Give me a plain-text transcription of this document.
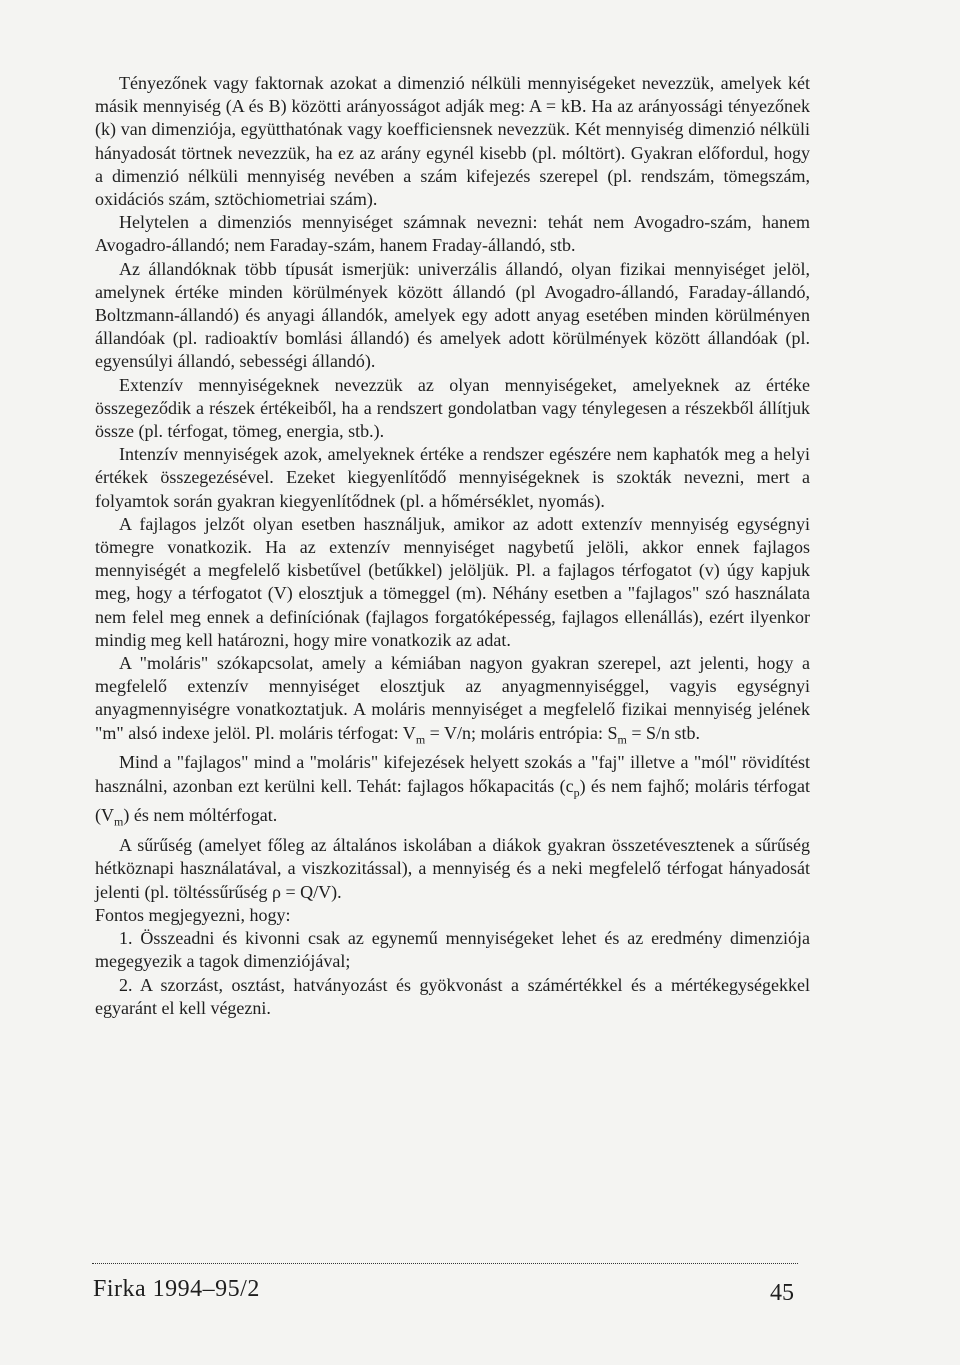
Tényezőnek vagy faktornak azokat a dimenzió nélküli mennyiségeket nevezzük, amelyek két másik mennyiség (A és B) közötti arányosságot adják meg: A = kB. Ha az arányossági tényezőnek (k) van dimenziója, együtthatónak vagy koefficiensnek nevezzük. Két mennyiség dimenzió nélküli hányadosát törtnek nevezzük, ha ez az arány egynél kisebb (pl. móltört). Gyakran előfordul, hogy a dimenzió nélküli mennyiség nevében a szám kifejezés szerepel (pl. rendszám, tömegszám, oxidációs szám, sztöchiometriai szám).

Helytelen a dimenziós mennyiséget számnak nevezni: tehát nem Avogadro-szám, hanem Avogadro-állandó; nem Faraday-szám, hanem Fraday-állandó, stb.

Az állandóknak több típusát ismerjük: univerzális állandó, olyan fizikai mennyiséget jelöl, amelynek értéke minden körülmények között állandó (pl Avogadro-állandó, Faraday-állandó, Boltzmann-állandó) és anyagi állandók, amelyek egy adott anyag esetében minden körülményen állandóak (pl. radioaktív bomlási állandó) és amelyek adott körülmények között állandóak (pl. egyensúlyi állandó, sebességi állandó).

Extenzív mennyiségeknek nevezzük az olyan mennyiségeket, amelyeknek az értéke összegeződik a részek értékeiből, ha a rendszert gondolatban vagy ténylegesen a részekből állítjuk össze (pl. térfogat, tömeg, energia, stb.).

Intenzív mennyiségek azok, amelyeknek értéke a rendszer egészére nem kaphatók meg a helyi értékek összegezésével. Ezeket kiegyenlítődő mennyiségeknek is szokták nevezni, mert a folyamtok során gyakran kiegyenlítődnek (pl. a hőmérséklet, nyomás).

A fajlagos jelzőt olyan esetben használjuk, amikor az adott extenzív mennyiség egységnyi tömegre vonatkozik. Ha az extenzív mennyiséget nagybetű jelöli, akkor ennek fajlagos mennyiségét a megfelelő kisbetűvel (betűkkel) jelöljük. Pl. a fajlagos térfogatot (v) úgy kapjuk meg, hogy a térfogatot (V) elosztjuk a tömeggel (m). Néhány esetben a "fajlagos" szó használata nem felel meg ennek a definíciónak (fajlagos forgatóképesség, fajlagos ellenállás), ezért ilyenkor mindig meg kell határozni, hogy mire vonatkozik az adat.

A "moláris" szókapcsolat, amely a kémiában nagyon gyakran szerepel, azt jelenti, hogy a megfelelő extenzív mennyiséget elosztjuk az anyagmennyiséggel, vagyis egységnyi anyagmennyiségre vonatkoztatjuk. A moláris mennyiséget a megfelelő fizikai mennyiség jelének "m" alsó indexe jelöl. Pl. moláris térfogat: $V_m = V/n$; moláris entrópia: $S_m = S/n$ stb.

Mind a "fajlagos" mind a "moláris" kifejezések helyett szokás a "faj" illetve a "mól" rövidítést használni, azonban ezt kerülni kell. Tehát: fajlagos hőkapacitás $(c_p)$ és nem fajhő; moláris térfogat $(V_m)$ és nem móltérfogat.

A sűrűség (amelyet főleg az általános iskolában a diákok gyakran összetévesztenek a sűrűség hétköznapi használatával, a viszkozitással), a mennyiség és a neki megfelelő térfogat hányadosát jelenti (pl. töltéssűrűség ρ = Q/V).

Fontos megjegyezni, hogy:

1. Összeadni és kivonni csak az egynemű mennyiségeket lehet és az eredmény dimenziója megegyezik a tagok dimenziójával;

2. A szorzást, osztást, hatványozást és gyökvonást a számértékkel és a mértékegységekkel egyaránt el kell végezni.

Firka 1994–95/2	45
